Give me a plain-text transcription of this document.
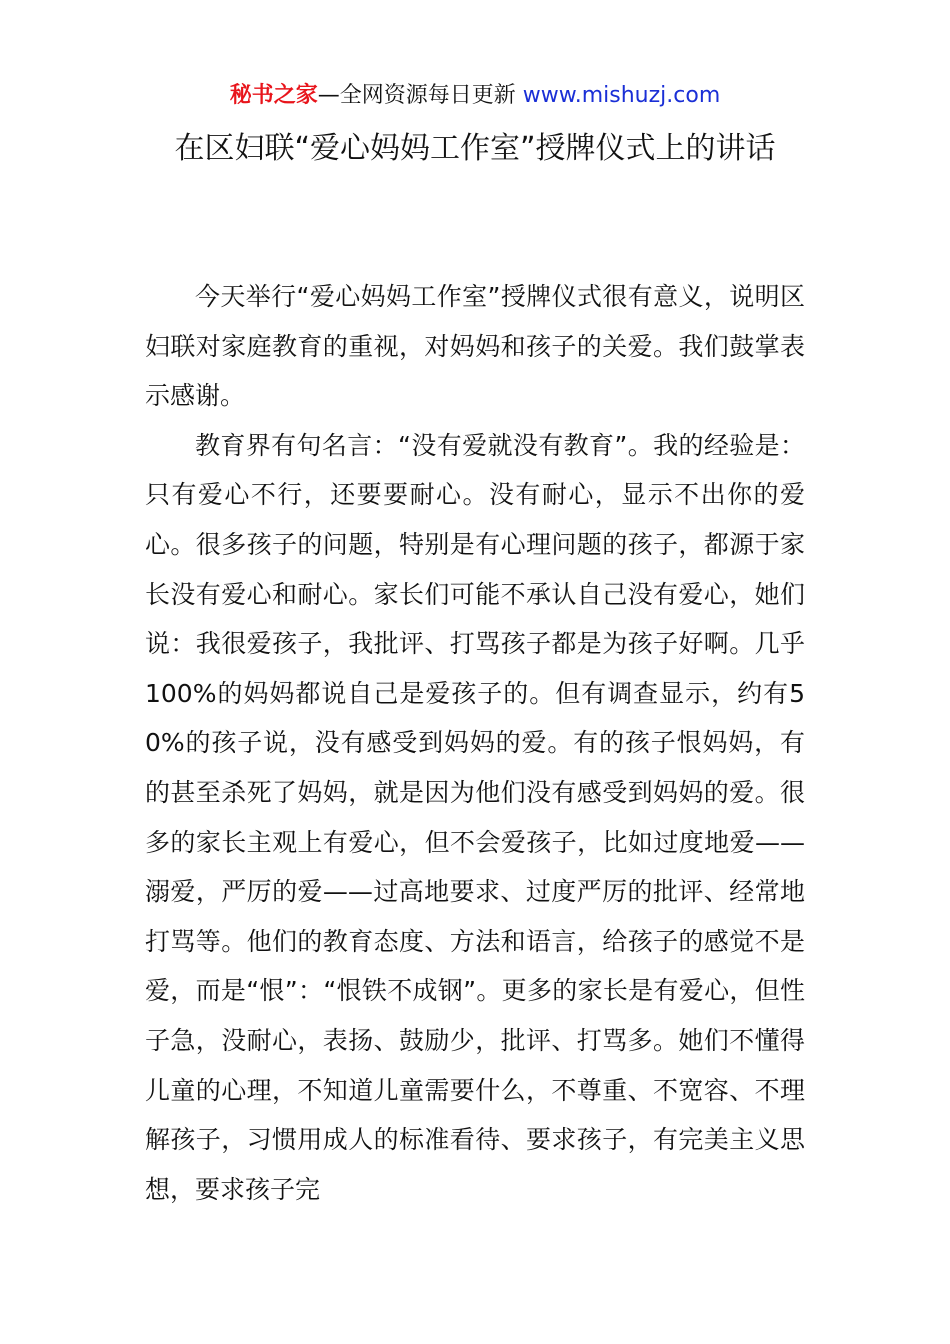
秘书之家—全网资源每日更新 www.mishuzj.com
在区妇联“爱心妈妈工作室”授牌仪式上的讲话

今天举行“爱心妈妈工作室”授牌仪式很有意义，说明区妇联对家庭教育的重视，对妈妈和孩子的关爱。我们鼓掌表示感谢。

教育界有句名言：“没有爱就没有教育”。我的经验是：只有爱心不行，还要要耐心。没有耐心，显示不出你的爱心。很多孩子的问题，特别是有心理问题的孩子，都源于家长没有爱心和耐心。家长们可能不承认自己没有爱心，她们说：我很爱孩子，我批评、打骂孩子都是为孩子好啊。几乎100%的妈妈都说自己是爱孩子的。但有调查显示，约有50%的孩子说，没有感受到妈妈的爱。有的孩子恨妈妈，有的甚至杀死了妈妈，就是因为他们没有感受到妈妈的爱。很多的家长主观上有爱心，但不会爱孩子，比如过度地爱——溺爱，严厉的爱——过高地要求、过度严厉的批评、经常地打骂等。他们的教育态度、方法和语言，给孩子的感觉不是爱，而是“恨”：“恨铁不成钢”。更多的家长是有爱心，但性子急，没耐心，表扬、鼓励少，批评、打骂多。她们不懂得儿童的心理，不知道儿童需要什么，不尊重、不宽容、不理解孩子，习惯用成人的标准看待、要求孩子，有完美主义思想，要求孩子完
